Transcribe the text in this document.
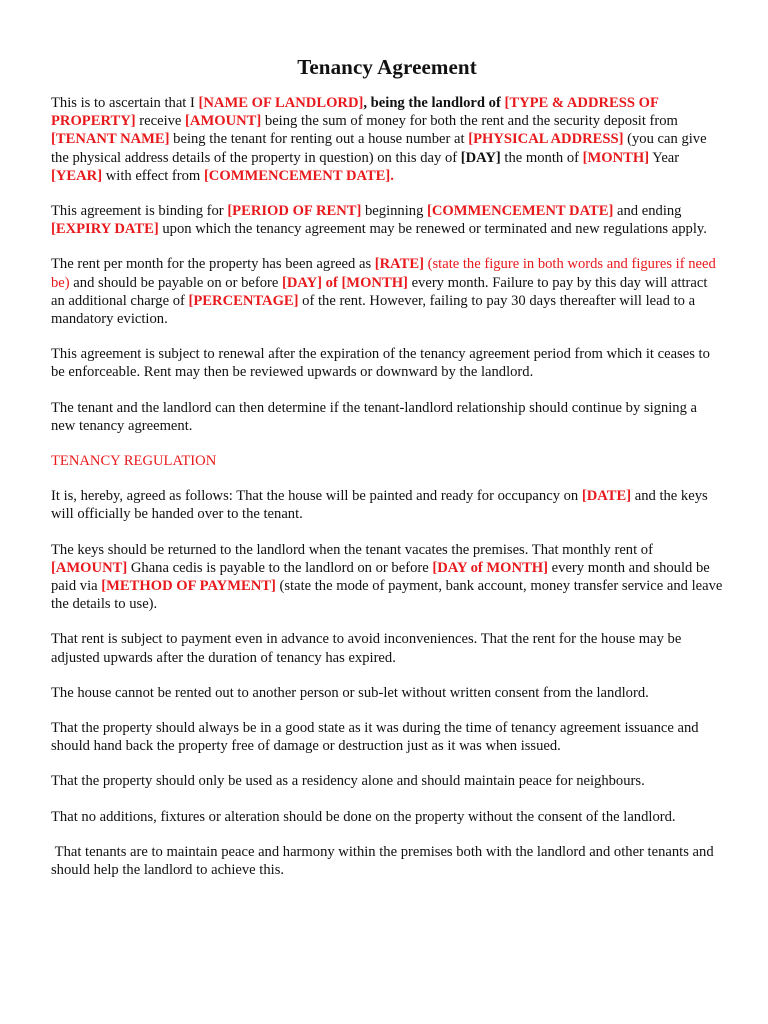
Tenancy Agreement

This is to ascertain that I [NAME OF LANDLORD], being the landlord of [TYPE & ADDRESS OF PROPERTY] receive [AMOUNT] being the sum of money for both the rent and the security deposit from [TENANT NAME] being the tenant for renting out a house number at [PHYSICAL ADDRESS] (you can give the physical address details of the property in question) on this day of [DAY] the month of [MONTH] Year [YEAR] with effect from [COMMENCEMENT DATE].

This agreement is binding for [PERIOD OF RENT] beginning [COMMENCEMENT DATE] and ending [EXPIRY DATE] upon which the tenancy agreement may be renewed or terminated and new regulations apply.

The rent per month for the property has been agreed as [RATE] (state the figure in both words and figures if need be) and should be payable on or before [DAY] of [MONTH] every month. Failure to pay by this day will attract an additional charge of [PERCENTAGE] of the rent. However, failing to pay 30 days thereafter will lead to a mandatory eviction.

This agreement is subject to renewal after the expiration of the tenancy agreement period from which it ceases to be enforceable. Rent may then be reviewed upwards or downward by the landlord.

The tenant and the landlord can then determine if the tenant-landlord relationship should continue by signing a new tenancy agreement.

TENANCY REGULATION

It is, hereby, agreed as follows: That the house will be painted and ready for occupancy on [DATE] and the keys will officially be handed over to the tenant.

The keys should be returned to the landlord when the tenant vacates the premises. That monthly rent of [AMOUNT] Ghana cedis is payable to the landlord on or before [DAY of MONTH] every month and should be paid via [METHOD OF PAYMENT] (state the mode of payment, bank account, money transfer service and leave the details to use).

That rent is subject to payment even in advance to avoid inconveniences. That the rent for the house may be adjusted upwards after the duration of tenancy has expired.

The house cannot be rented out to another person or sub-let without written consent from the landlord.

That the property should always be in a good state as it was during the time of tenancy agreement issuance and should hand back the property free of damage or destruction just as it was when issued.

That the property should only be used as a residency alone and should maintain peace for neighbours.

That no additions, fixtures or alteration should be done on the property without the consent of the landlord.

That tenants are to maintain peace and harmony within the premises both with the landlord and other tenants and should help the landlord to achieve this.
